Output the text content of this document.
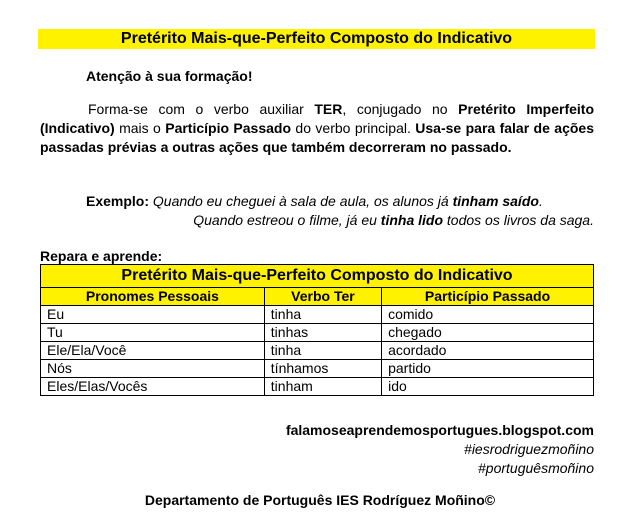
Pretérito Mais-que-Perfeito Composto do Indicativo
Atenção à sua formação!

Forma-se com o verbo auxiliar TER, conjugado no Pretérito Imperfeito (Indicativo) mais o Particípio Passado do verbo principal. Usa-se para falar de ações passadas prévias a outras ações que também decorreram no passado.

Exemplo: Quando eu cheguei à sala de aula, os alunos já tinham saído.
Quando estreou o filme, já eu tinha lido todos os livros da saga.
Repara e aprende:
Pretérito Mais-que-Perfeito Composto do Indicativo		
Pronomes Pessoais	Verbo Ter	Particípio Passado
Eu	tinha	comido
Tu	tinhas	chegado
Ele/Ela/Você	tinha	acordado
Nós	tínhamos	partido
Eles/Elas/Vocês	tinham	ido
falamoseaprendemosportugues.blogspot.com
#iesrodriguezmoñino
#portuguêsmoñino
Departamento de Português IES Rodríguez Moñino©
